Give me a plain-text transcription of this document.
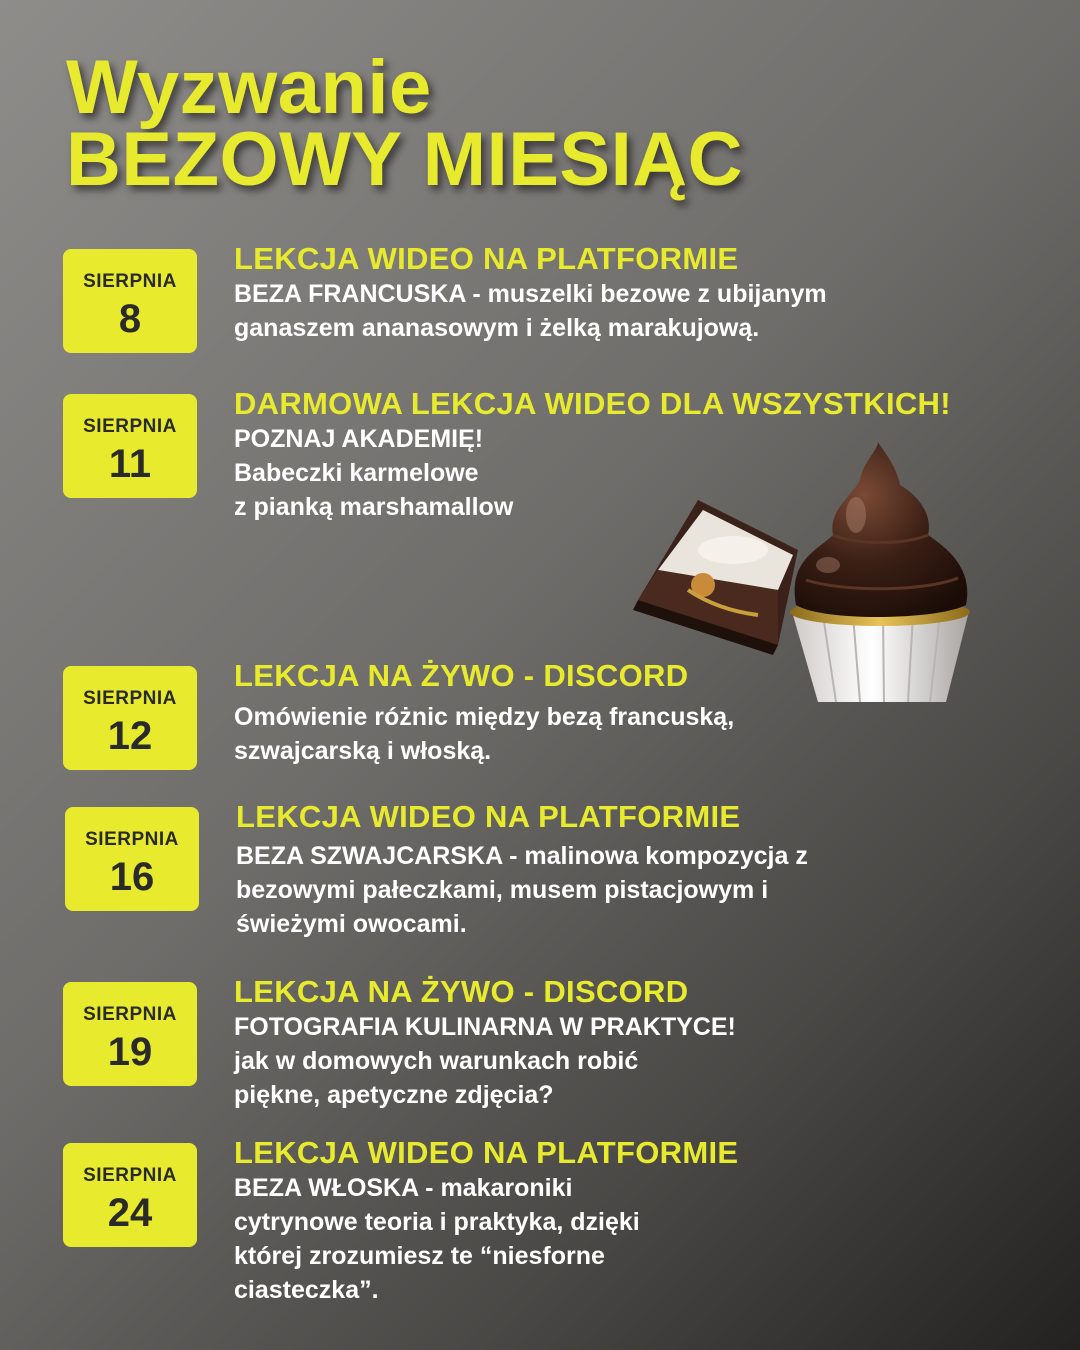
Wyzwanie
BEZOWY MIESIĄC
SIERPNIA
8
LEKCJA WIDEO NA PLATFORMIE
BEZA FRANCUSKA - muszelki bezowe z ubijanym
ganaszem ananasowym i żelką marakujową.
SIERPNIA
11
DARMOWA LEKCJA WIDEO DLA WSZYSTKICH!
POZNAJ AKADEMIĘ!
Babeczki karmelowe
z pianką marshamallow
SIERPNIA
12
LEKCJA NA ŻYWO - DISCORD
Omówienie różnic między bezą francuską,
szwajcarską i włoską.
SIERPNIA
16
LEKCJA WIDEO NA PLATFORMIE
BEZA SZWAJCARSKA - malinowa kompozycja z
bezowymi pałeczkami, musem pistacjowym i
świeżymi owocami.
SIERPNIA
19
LEKCJA NA ŻYWO - DISCORD
FOTOGRAFIA KULINARNA W PRAKTYCE!
jak w domowych warunkach robić
piękne, apetyczne zdjęcia?
SIERPNIA
24
LEKCJA WIDEO NA PLATFORMIE
BEZA WŁOSKA - makaroniki
cytrynowe teoria i praktyka, dzięki
której zrozumiesz te “niesforne
ciasteczka”.
